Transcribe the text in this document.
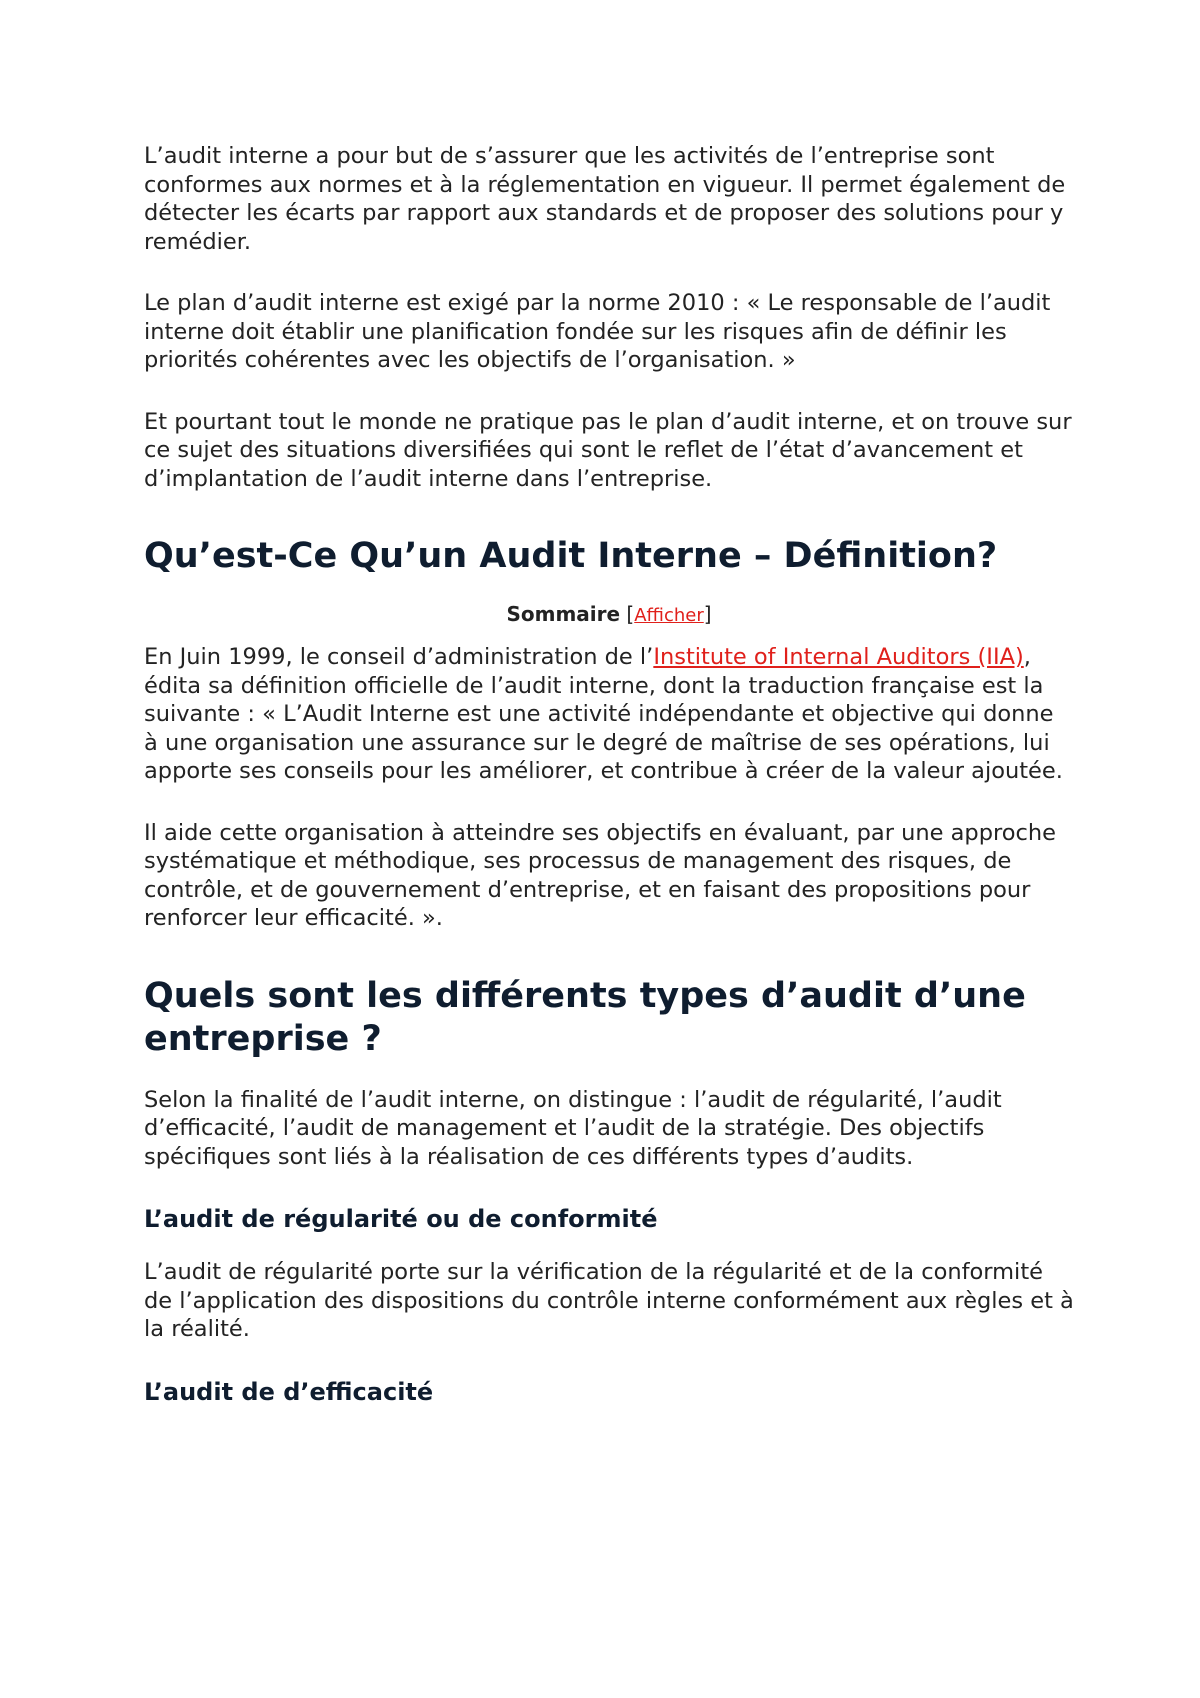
L’audit interne a pour but de s’assurer que les activités de l’entreprise sont conformes aux normes et à la réglementation en vigueur. Il permet également de détecter les écarts par rapport aux standards et de proposer des solutions pour y remédier.

Le plan d’audit interne est exigé par la norme 2010 : « Le responsable de l’audit interne doit établir une planification fondée sur les risques afin de définir les priorités cohérentes avec les objectifs de l’organisation. »

Et pourtant tout le monde ne pratique pas le plan d’audit interne, et on trouve sur ce sujet des situations diversifiées qui sont le reflet de l’état d’avancement et d’implantation de l’audit interne dans l’entreprise.

Qu’est-Ce Qu’un Audit Interne – Définition?
Sommaire [Afficher]

En Juin 1999, le conseil d’administration de l’Institute of Internal Auditors (IIA), édita sa définition officielle de l’audit interne, dont la traduction française est la suivante : « L’Audit Interne est une activité indépendante et objective qui donne à une organisation une assurance sur le degré de maîtrise de ses opérations, lui apporte ses conseils pour les améliorer, et contribue à créer de la valeur ajoutée.

Il aide cette organisation à atteindre ses objectifs en évaluant, par une approche systématique et méthodique, ses processus de management des risques, de contrôle, et de gouvernement d’entreprise, et en faisant des propositions pour renforcer leur efficacité. ».

Quels sont les différents types d’audit d’une entreprise ?

Selon la finalité de l’audit interne, on distingue : l’audit de régularité, l’audit d’efficacité, l’audit de management et l’audit de la stratégie. Des objectifs spécifiques sont liés à la réalisation de ces différents types d’audits.

L’audit de régularité ou de conformité

L’audit de régularité porte sur la vérification de la régularité et de la conformité de l’application des dispositions du contrôle interne conformément aux règles et à la réalité.

L’audit de d’efficacité
